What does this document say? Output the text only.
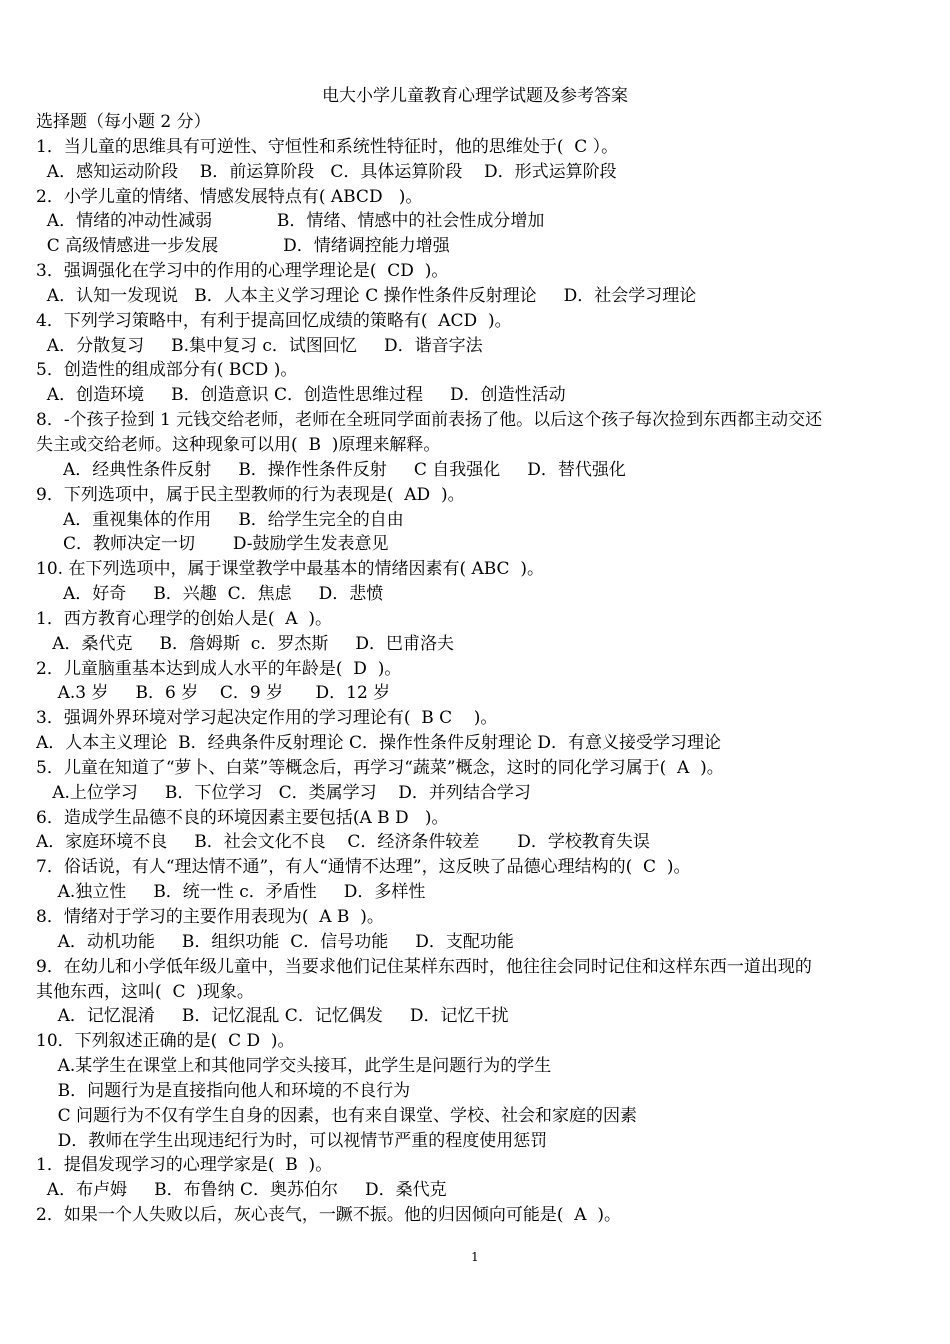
电大小学儿童教育心理学试题及参考答案
选择题（每小题 2 分）
1．当儿童的思维具有可逆性、守恒性和系统性特征时，他的思维处于(  C ）。
A．感知运动阶段    B．前运算阶段   C．具体运算阶段    D．形式运算阶段
2．小学儿童的情绪、情感发展特点有( ABCD   )。
A．情绪的冲动性减弱            B．情绪、情感中的社会性成分增加
C 高级情感进一步发展            D．情绪调控能力增强
3．强调强化在学习中的作用的心理学理论是(  CD  )。
A．认知一发现说   B．人本主义学习理论 C 操作性条件反射理论     D．社会学习理论
4．下列学习策略中，有利于提高回忆成绩的策略有(  ACD  )。
A．分散复习     B.集中复习 c．试图回忆     D．谐音字法
5．创造性的组成部分有( BCD )。
A．创造环境     B．创造意识 C．创造性思维过程     D．创造性活动
8．-个孩子捡到 1 元钱交给老师，老师在全班同学面前表扬了他。以后这个孩子每次捡到东西都主动交还
失主或交给老师。这种现象可以用(  B  )原理来解释。
A．经典性条件反射     B．操作性条件反射     C 自我强化     D．替代强化
9．下列选项中，属于民主型教师的行为表现是(  AD  )。
A．重视集体的作用     B．给学生完全的自由
C．教师决定一切       D-鼓励学生发表意见
10. 在下列选项中，属于课堂教学中最基本的情绪因素有( ABC  )。
A．好奇     B．兴趣  C．焦虑     D．悲愤
1．西方教育心理学的创始人是(  A  )。
A．桑代克     B．詹姆斯  c．罗杰斯     D．巴甫洛夫
2．儿童脑重基本达到成人水平的年龄是(  D  )。
A.3 岁     B．6 岁    C．9 岁      D．12 岁
3．强调外界环境对学习起决定作用的学习理论有(  B C    )。
A．人本主义理论  B．经典条件反射理论 C．操作性条件反射理论 D．有意义接受学习理论
5．儿童在知道了“萝卜、白菜”等概念后，再学习“蔬菜”概念，这时的同化学习属于(  A  )。
A.上位学习     B．下位学习   C．类属学习    D．并列结合学习
6．造成学生品德不良的环境因素主要包括(A B D   )。
A．家庭环境不良     B．社会文化不良    C．经济条件较差       D．学校教育失误
7．俗话说，有人“理达情不通”，有人“通情不达理”，这反映了品德心理结构的(  C  )。
A.独立性     B．统一性 c．矛盾性     D．多样性
8．情绪对于学习的主要作用表现为(  A B  )。
A．动机功能     B．组织功能  C．信号功能     D．支配功能
9．在幼儿和小学低年级儿童中，当要求他们记住某样东西时，他往往会同时记住和这样东西一道出现的
其他东西，这叫(  C  )现象。
A．记忆混淆     B．记忆混乱 C．记忆偶发     D．记忆干扰
10．下列叙述正确的是(  C D  )。
A.某学生在课堂上和其他同学交头接耳，此学生是问题行为的学生
B．问题行为是直接指向他人和环境的不良行为
C 问题行为不仅有学生自身的因素，也有来自课堂、学校、社会和家庭的因素
D．教师在学生出现违纪行为时，可以视情节严重的程度使用惩罚
1．提倡发现学习的心理学家是(  B  )。
A．布卢姆     B．布鲁纳 C．奥苏伯尔     D．桑代克
2．如果一个人失败以后，灰心丧气，一蹶不振。他的归因倾向可能是(  A  )。
1
